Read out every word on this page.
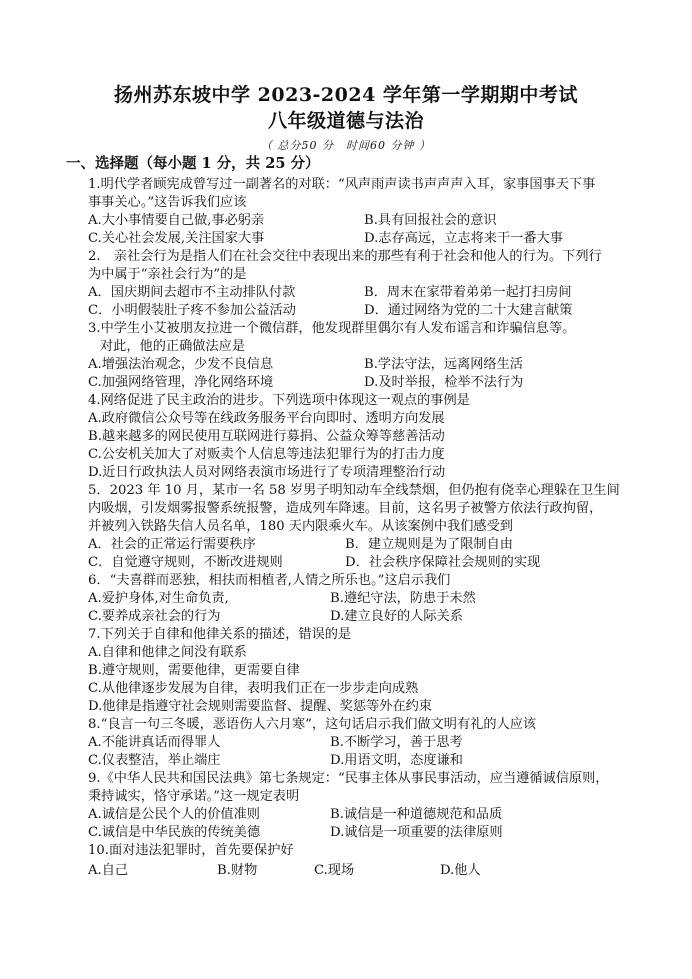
扬州苏东坡中学 2023-2024 学年第一学期期中考试
八年级道德与法治
（ 总分50 分　时间60 分钟 ）
一、选择题（每小题 1 分，共 25 分）
1.明代学者顾宪成曾写过一副著名的对联：“风声雨声读书声声声入耳，家事国事天下事
事事关心。”这告诉我们应该
A.大小事情要自己做,事必躬亲	B.具有回报社会的意识
C.关心社会发展,关注国家大事	D.志存高远，立志将来干一番大事
2.　亲社会行为是指人们在社会交往中表现出来的那些有利于社会和他人的行为。下列行
为中属于“亲社会行为”的是
A．国庆期间去超市不主动排队付款	B．周末在家带着弟弟一起打扫房间
C．小明假装肚子疼不参加公益活动	D．通过网络为党的二十大建言献策
3.中学生小艾被朋友拉进一个微信群，他发现群里偶尔有人发布谣言和诈骗信息等。
对此，他的正确做法应是
A.增强法治观念，少发不良信息	B.学法守法，远离网络生活
C.加强网络管理，净化网络环境	D.及时举报，检举不法行为
4.网络促进了民主政治的进步。下列选项中体现这一观点的事例是
A.政府微信公众号等在线政务服务平台向即时、透明方向发展
B.越来越多的网民使用互联网进行募捐、公益众筹等慈善活动
C.公安机关加大了对贩卖个人信息等违法犯罪行为的打击力度
D.近日行政执法人员对网络表演市场进行了专项清理整治行动
5．2023 年 10 月，某市一名 58 岁男子明知动车全线禁烟，但仍抱有侥幸心理躲在卫生间
内吸烟，引发烟雾报警系统报警，造成列车降速。目前，这名男子被警方依法行政拘留，
并被列入铁路失信人员名单，180 天内限乘火车。从该案例中我们感受到
A．社会的正常运行需要秩序	B．建立规则是为了限制自由
C．自觉遵守规则，不断改进规则	D．社会秩序保障社会规则的实现
6．“夫喜群而恶独，相扶而相植者,人情之所乐也。”这启示我们
A.爱护身体,对生命负责,	B.遵纪守法，防患于未然
C.要养成亲社会的行为	D.建立良好的人际关系
7.下列关于自律和他律关系的描述，错误的是
A.自律和他律之间没有联系
B.遵守规则，需要他律，更需要自律
C.从他律逐步发展为自律，表明我们正在一步步走向成熟
D.他律是指遵守社会规则需要监督、提醒、奖惩等外在约束
8.“良言一句三冬暖，恶语伤人六月寒”，这句话启示我们做文明有礼的人应该
A.不能讲真话而得罪人	B.不断学习，善于思考
C.仪表整洁，举止端庄	D.用语文明，态度谦和
9.《中华人民共和国民法典》第七条规定：“民事主体从事民事活动，应当遵循诚信原则，
秉持诚实，恪守承诺。”这一规定表明
A.诚信是公民个人的价值准则	B.诚信是一种道德规范和品质
C.诚信是中华民族的传统美德	D.诚信是一项重要的法律原则
10.面对违法犯罪时，首先要保护好
A.自己	B.财物	C.现场	D.他人
